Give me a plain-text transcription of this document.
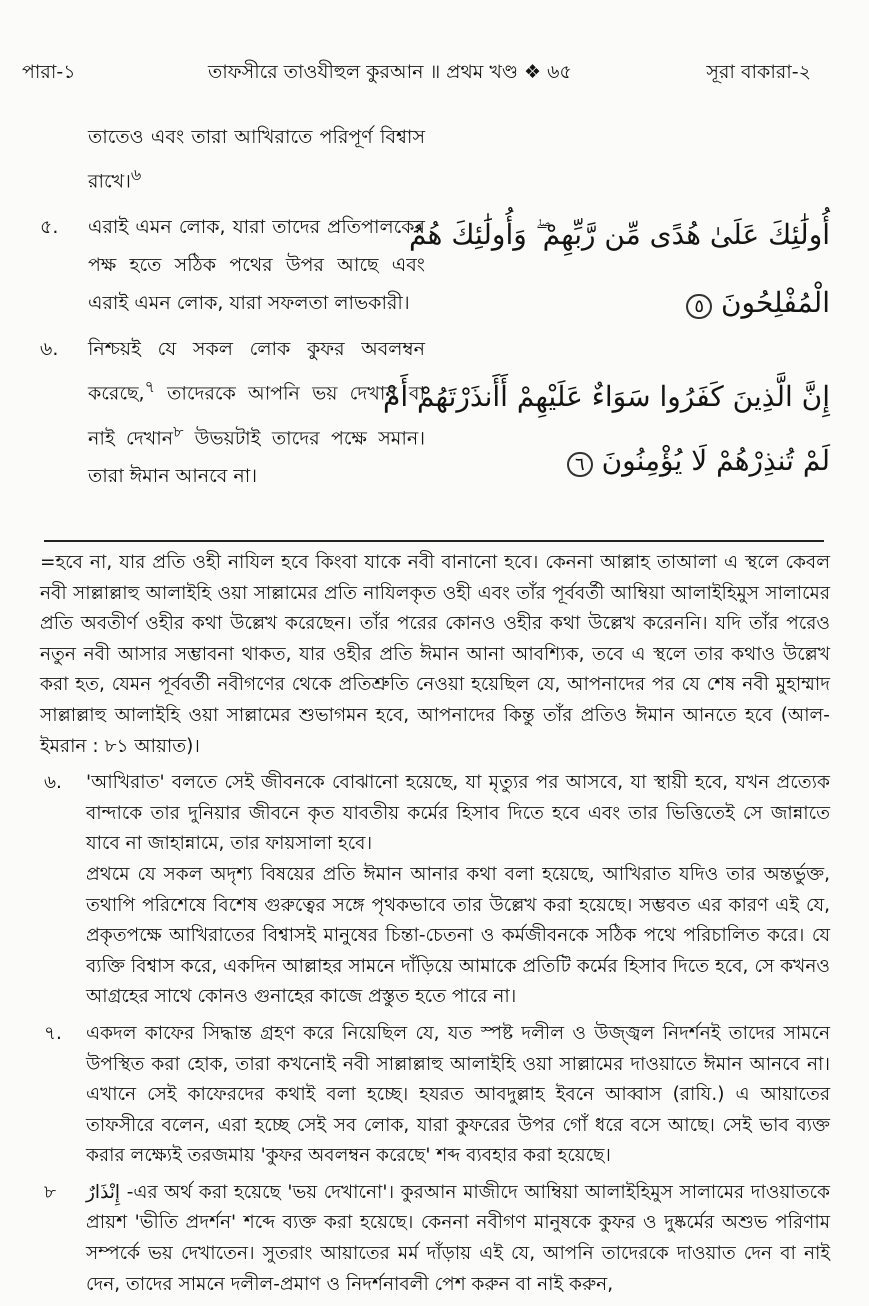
পারা-১	তাফসীরে তাওযীহুল কুরআন ॥ প্রথম খণ্ড ❖ ৬৫	সূরা বাকারা-২
তাতেও এবং তারা আখিরাতে পরিপূর্ণ বিশ্বাস রাখে।$^৬$
৫. এরাই এমন লোক, যারা তাদের প্রতিপালকের পক্ষ হতে সঠিক পথের উপর আছে এবং এরাই এমন লোক, যারা সফলতা লাভকারী।
৬. নিশ্চয়ই যে সকল লোক কুফর অবলম্বন করেছে,$^৭$ তাদেরকে আপনি ভয় দেখান বা নাই দেখান$^৮$ উভয়টাই তাদের পক্ষে সমান। তারা ঈমান আনবে না।
أُولَٰئِكَ عَلَىٰ هُدًى مِّن رَّبِّهِمْ ۖ وَأُولَٰئِكَ هُمُ
الْمُفْلِحُونَ ٥
إِنَّ الَّذِينَ كَفَرُوا سَوَاءٌ عَلَيْهِمْ أَأَنذَرْتَهُمْ أَمْ
لَمْ تُنذِرْهُمْ لَا يُؤْمِنُونَ ٦

=হবে না, যার প্রতি ওহী নাযিল হবে কিংবা যাকে নবী বানানো হবে। কেননা আল্লাহ তাআলা এ স্থলে কেবল নবী সাল্লাল্লাহু আলাইহি ওয়া সাল্লামের প্রতি নাযিলকৃত ওহী এবং তাঁর পূর্ববর্তী আম্বিয়া আলাইহিমুস সালামের প্রতি অবতীর্ণ ওহীর কথা উল্লেখ করেছেন। তাঁর পরের কোনও ওহীর কথা উল্লেখ করেননি। যদি তাঁর পরেও নতুন নবী আসার সম্ভাবনা থাকত, যার ওহীর প্রতি ঈমান আনা আবশ্যিক, তবে এ স্থলে তার কথাও উল্লেখ করা হত, যেমন পূর্ববর্তী নবীগণের থেকে প্রতিশ্রুতি নেওয়া হয়েছিল যে, আপনাদের পর যে শেষ নবী মুহাম্মাদ সাল্লাল্লাহু আলাইহি ওয়া সাল্লামের শুভাগমন হবে, আপনাদের কিন্তু তাঁর প্রতিও ঈমান আনতে হবে (আল-ইমরান : ৮১ আয়াত)।

৬. 'আখিরাত' বলতে সেই জীবনকে বোঝানো হয়েছে, যা মৃত্যুর পর আসবে, যা স্থায়ী হবে, যখন প্রত্যেক বান্দাকে তার দুনিয়ার জীবনে কৃত যাবতীয় কর্মের হিসাব দিতে হবে এবং তার ভিত্তিতেই সে জান্নাতে যাবে না জাহান্নামে, তার ফায়সালা হবে।

প্রথমে যে সকল অদৃশ্য বিষয়ের প্রতি ঈমান আনার কথা বলা হয়েছে, আখিরাত যদিও তার অন্তর্ভুক্ত, তথাপি পরিশেষে বিশেষ গুরুত্বের সঙ্গে পৃথকভাবে তার উল্লেখ করা হয়েছে। সম্ভবত এর কারণ এই যে, প্রকৃতপক্ষে আখিরাতের বিশ্বাসই মানুষের চিন্তা-চেতনা ও কর্মজীবনকে সঠিক পথে পরিচালিত করে। যে ব্যক্তি বিশ্বাস করে, একদিন আল্লাহর সামনে দাঁড়িয়ে আমাকে প্রতিটি কর্মের হিসাব দিতে হবে, সে কখনও আগ্রহের সাথে কোনও গুনাহের কাজে প্রস্তুত হতে পারে না।

৭. একদল কাফের সিদ্ধান্ত গ্রহণ করে নিয়েছিল যে, যত স্পষ্ট দলীল ও উজ্জ্বল নিদর্শনই তাদের সামনে উপস্থিত করা হোক, তারা কখনোই নবী সাল্লাল্লাহু আলাইহি ওয়া সাল্লামের দাওয়াতে ঈমান আনবে না। এখানে সেই কাফেরদের কথাই বলা হচ্ছে। হযরত আবদুল্লাহ ইবনে আব্বাস (রাযি.) এ আয়াতের তাফসীরে বলেন, এরা হচ্ছে সেই সব লোক, যারা কুফরের উপর গোঁ ধরে বসে আছে। সেই ভাব ব্যক্ত করার লক্ষ্যেই তরজমায় 'কুফর অবলম্বন করেছে' শব্দ ব্যবহার করা হয়েছে।

৮ إِنْذَارٌ -এর অর্থ করা হয়েছে 'ভয় দেখানো'। কুরআন মাজীদে আম্বিয়া আলাইহিমুস সালামের দাওয়াতকে প্রায়শ 'ভীতি প্রদর্শন' শব্দে ব্যক্ত করা হয়েছে। কেননা নবীগণ মানুষকে কুফর ও দুষ্কর্মের অশুভ পরিণাম সম্পর্কে ভয় দেখাতেন। সুতরাং আয়াতের মর্ম দাঁড়ায় এই যে, আপনি তাদেরকে দাওয়াত দেন বা নাই দেন, তাদের সামনে দলীল-প্রমাণ ও নিদর্শনাবলী পেশ করুন বা নাই করুন,
